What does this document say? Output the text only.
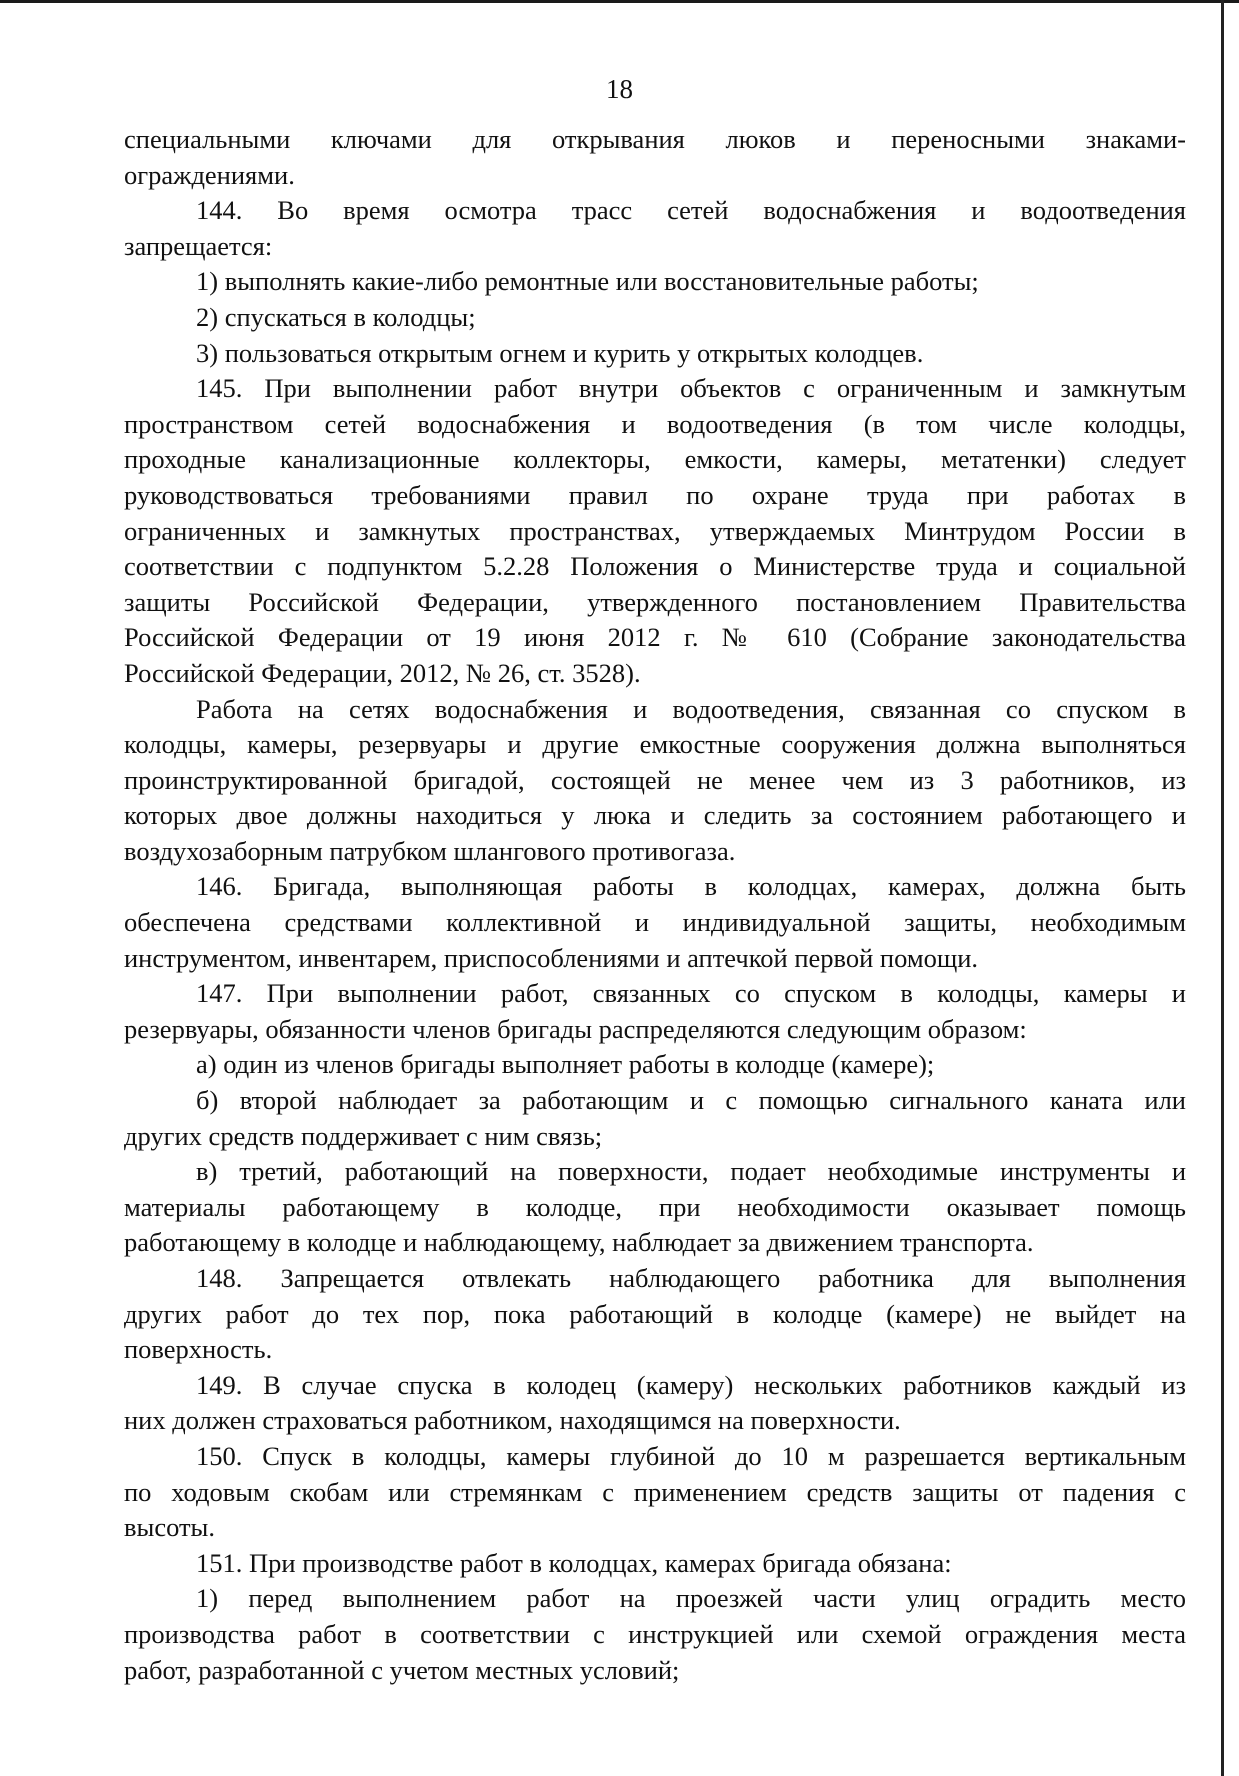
18
специальными ключами для открывания люков и переносными знаками-
ограждениями.
144. Во время осмотра трасс сетей водоснабжения и водоотведения
запрещается:
1) выполнять какие-либо ремонтные или восстановительные работы;
2) спускаться в колодцы;
3) пользоваться открытым огнем и курить у открытых колодцев.
145. При выполнении работ внутри объектов с ограниченным и замкнутым
пространством сетей водоснабжения и водоотведения (в том числе колодцы,
проходные канализационные коллекторы, емкости, камеры, метатенки) следует
руководствоваться требованиями правил по охране труда при работах в
ограниченных и замкнутых пространствах, утверждаемых Минтрудом России в
соответствии с подпунктом 5.2.28 Положения о Министерстве труда и социальной
защиты Российской Федерации, утвержденного постановлением Правительства
Российской Федерации от 19 июня 2012 г. № 610 (Собрание законодательства
Российской Федерации, 2012, № 26, ст. 3528).
Работа на сетях водоснабжения и водоотведения, связанная со спуском в
колодцы, камеры, резервуары и другие емкостные сооружения должна выполняться
проинструктированной бригадой, состоящей не менее чем из 3 работников, из
которых двое должны находиться у люка и следить за состоянием работающего и
воздухозаборным патрубком шлангового противогаза.
146. Бригада, выполняющая работы в колодцах, камерах, должна быть
обеспечена средствами коллективной и индивидуальной защиты, необходимым
инструментом, инвентарем, приспособлениями и аптечкой первой помощи.
147. При выполнении работ, связанных со спуском в колодцы, камеры и
резервуары, обязанности членов бригады распределяются следующим образом:
а) один из членов бригады выполняет работы в колодце (камере);
б) второй наблюдает за работающим и с помощью сигнального каната или
других средств поддерживает с ним связь;
в) третий, работающий на поверхности, подает необходимые инструменты и
материалы работающему в колодце, при необходимости оказывает помощь
работающему в колодце и наблюдающему, наблюдает за движением транспорта.
148. Запрещается отвлекать наблюдающего работника для выполнения
других работ до тех пор, пока работающий в колодце (камере) не выйдет на
поверхность.
149. В случае спуска в колодец (камеру) нескольких работников каждый из
них должен страховаться работником, находящимся на поверхности.
150. Спуск в колодцы, камеры глубиной до 10 м разрешается вертикальным
по ходовым скобам или стремянкам с применением средств защиты от падения с
высоты.
151. При производстве работ в колодцах, камерах бригада обязана:
1) перед выполнением работ на проезжей части улиц оградить место
производства работ в соответствии с инструкцией или схемой ограждения места
работ, разработанной с учетом местных условий;
